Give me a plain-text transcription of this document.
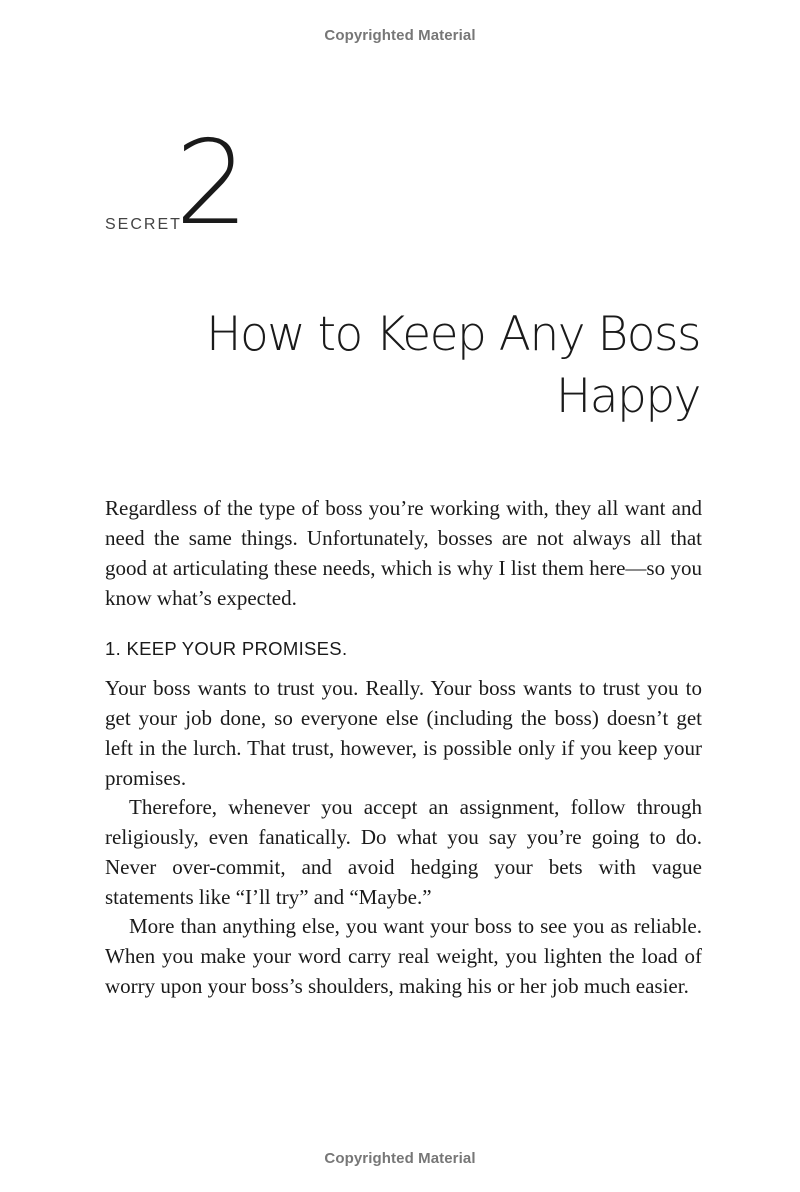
Copyrighted Material
SECRET
2
How to Keep Any Boss Happy

Regardless of the type of boss you’re working with, they all want and need the same things. Unfortunately, bosses are not always all that good at articulating these needs, which is why I list them here—so you know what’s expected.

1. KEEP YOUR PROMISES.

Your boss wants to trust you. Really. Your boss wants to trust you to get your job done, so everyone else (including the boss) doesn’t get left in the lurch. That trust, however, is possible only if you keep your promises.

Therefore, whenever you accept an assignment, follow through religiously, even fanatically. Do what you say you’re going to do. Never over-commit, and avoid hedging your bets with vague statements like “I’ll try” and “Maybe.”

More than anything else, you want your boss to see you as reliable. When you make your word carry real weight, you lighten the load of worry upon your boss’s shoulders, making his or her job much easier.

Copyrighted Material
